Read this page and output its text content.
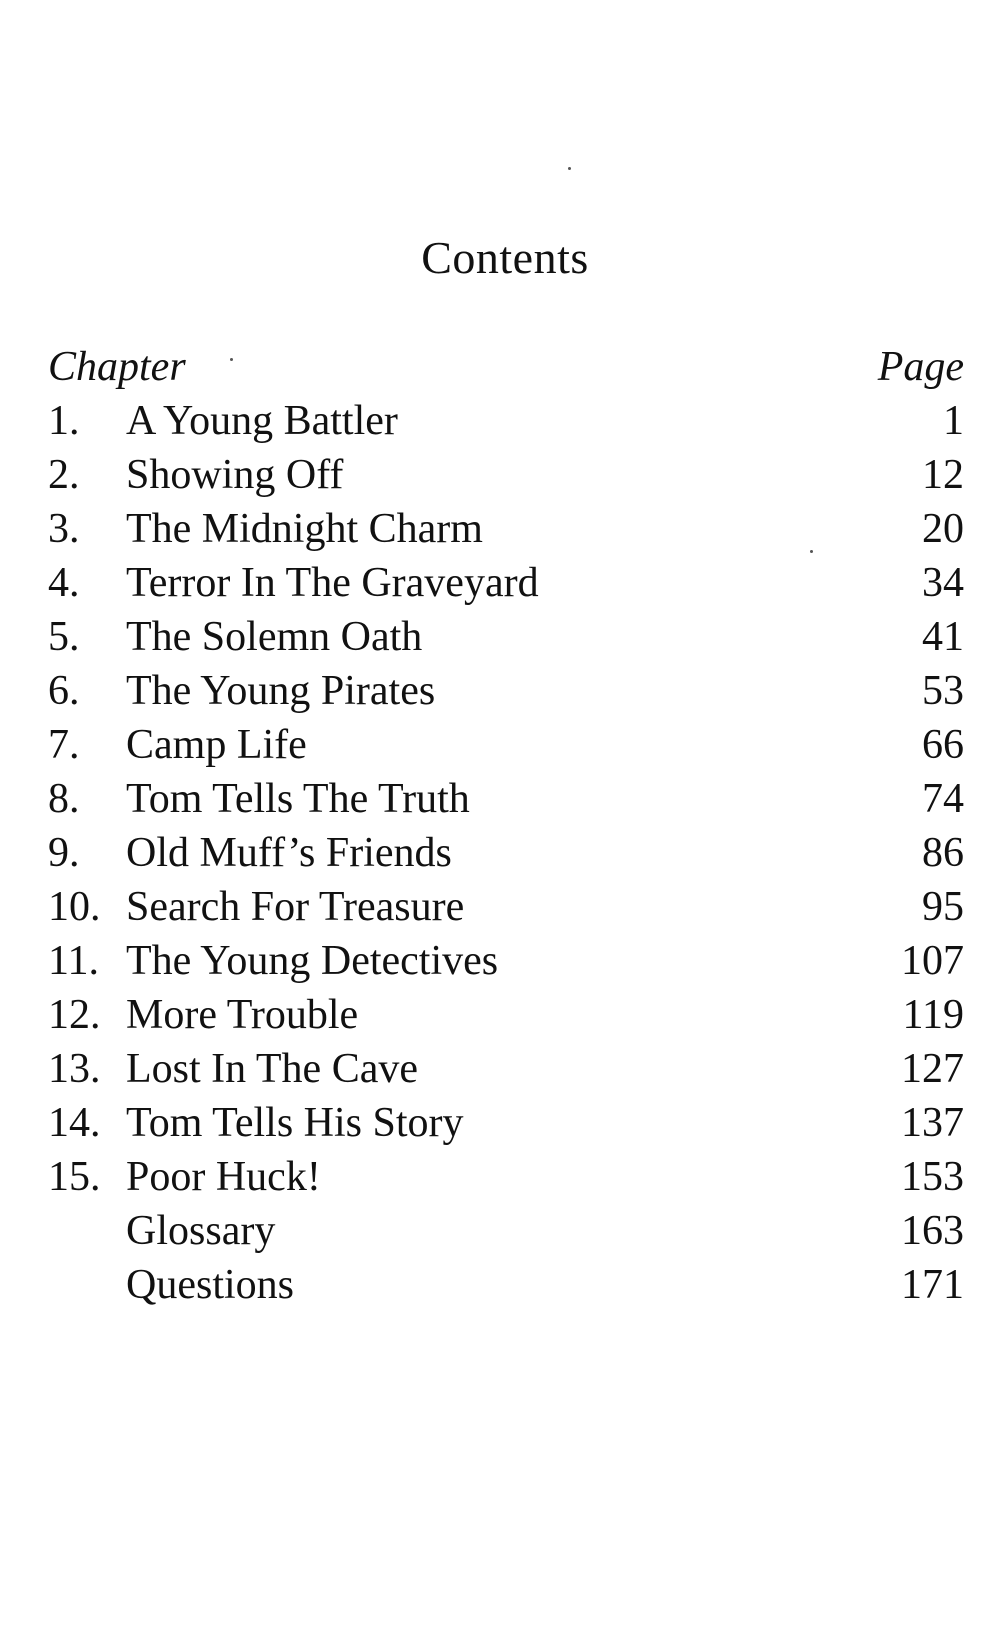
Contents
Chapter	Page
1. A Young Battler	1
2. Showing Off	12
3. The Midnight Charm	20
4. Terror In The Graveyard	34
5. The Solemn Oath	41
6. The Young Pirates	53
7. Camp Life	66
8. Tom Tells The Truth	74
9. Old Muff’s Friends	86
10. Search For Treasure	95
11. The Young Detectives	107
12. More Trouble	119
13. Lost In The Cave	127
14. Tom Tells His Story	137
15. Poor Huck!	153
Glossary	163
Questions	171
